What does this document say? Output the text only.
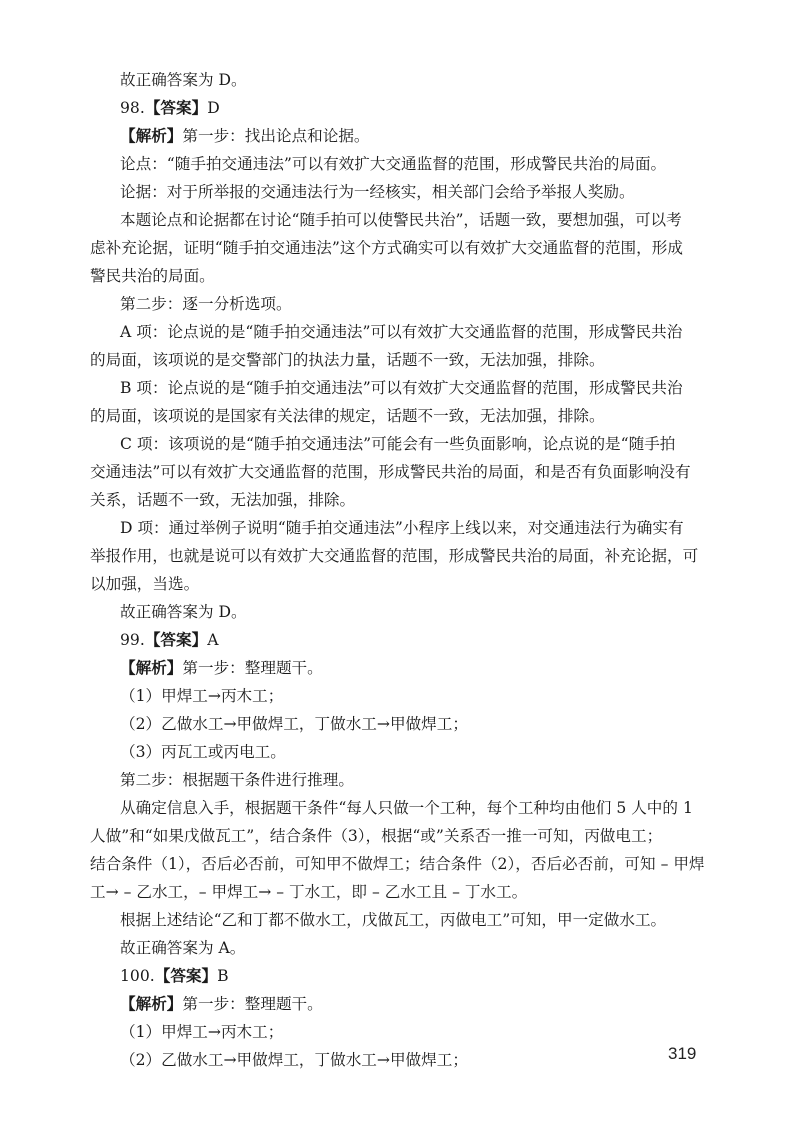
故正确答案为 D。
98.【答案】D
【解析】第一步：找出论点和论据。
论点：“随手拍交通违法”可以有效扩大交通监督的范围，形成警民共治的局面。
论据：对于所举报的交通违法行为一经核实，相关部门会给予举报人奖励。
本题论点和论据都在讨论“随手拍可以使警民共治”，话题一致，要想加强，可以考
虑补充论据，证明“随手拍交通违法”这个方式确实可以有效扩大交通监督的范围，形成
警民共治的局面。
第二步：逐一分析选项。
A 项：论点说的是“随手拍交通违法”可以有效扩大交通监督的范围，形成警民共治
的局面，该项说的是交警部门的执法力量，话题不一致，无法加强，排除。
B 项：论点说的是“随手拍交通违法”可以有效扩大交通监督的范围，形成警民共治
的局面，该项说的是国家有关法律的规定，话题不一致，无法加强，排除。
C 项：该项说的是“随手拍交通违法”可能会有一些负面影响，论点说的是“随手拍
交通违法”可以有效扩大交通监督的范围，形成警民共治的局面，和是否有负面影响没有
关系，话题不一致，无法加强，排除。
D 项：通过举例子说明“随手拍交通违法”小程序上线以来，对交通违法行为确实有
举报作用，也就是说可以有效扩大交通监督的范围，形成警民共治的局面，补充论据，可
以加强，当选。
故正确答案为 D。
99.【答案】A
【解析】第一步：整理题干。
（1）甲焊工→丙木工；
（2）乙做水工→甲做焊工，丁做水工→甲做焊工；
（3）丙瓦工或丙电工。
第二步：根据题干条件进行推理。
从确定信息入手，根据题干条件“每人只做一个工种，每个工种均由他们 5 人中的 1
人做”和“如果戊做瓦工”，结合条件（3），根据“或”关系否一推一可知，丙做电工；
结合条件（1），否后必否前，可知甲不做焊工；结合条件（2），否后必否前，可知 – 甲焊
工→ – 乙水工，– 甲焊工→ – 丁水工，即 – 乙水工且 – 丁水工。
根据上述结论“乙和丁都不做水工，戊做瓦工，丙做电工”可知，甲一定做水工。
故正确答案为 A。
100.【答案】B
【解析】第一步：整理题干。
（1）甲焊工→丙木工；
（2）乙做水工→甲做焊工，丁做水工→甲做焊工；	319
